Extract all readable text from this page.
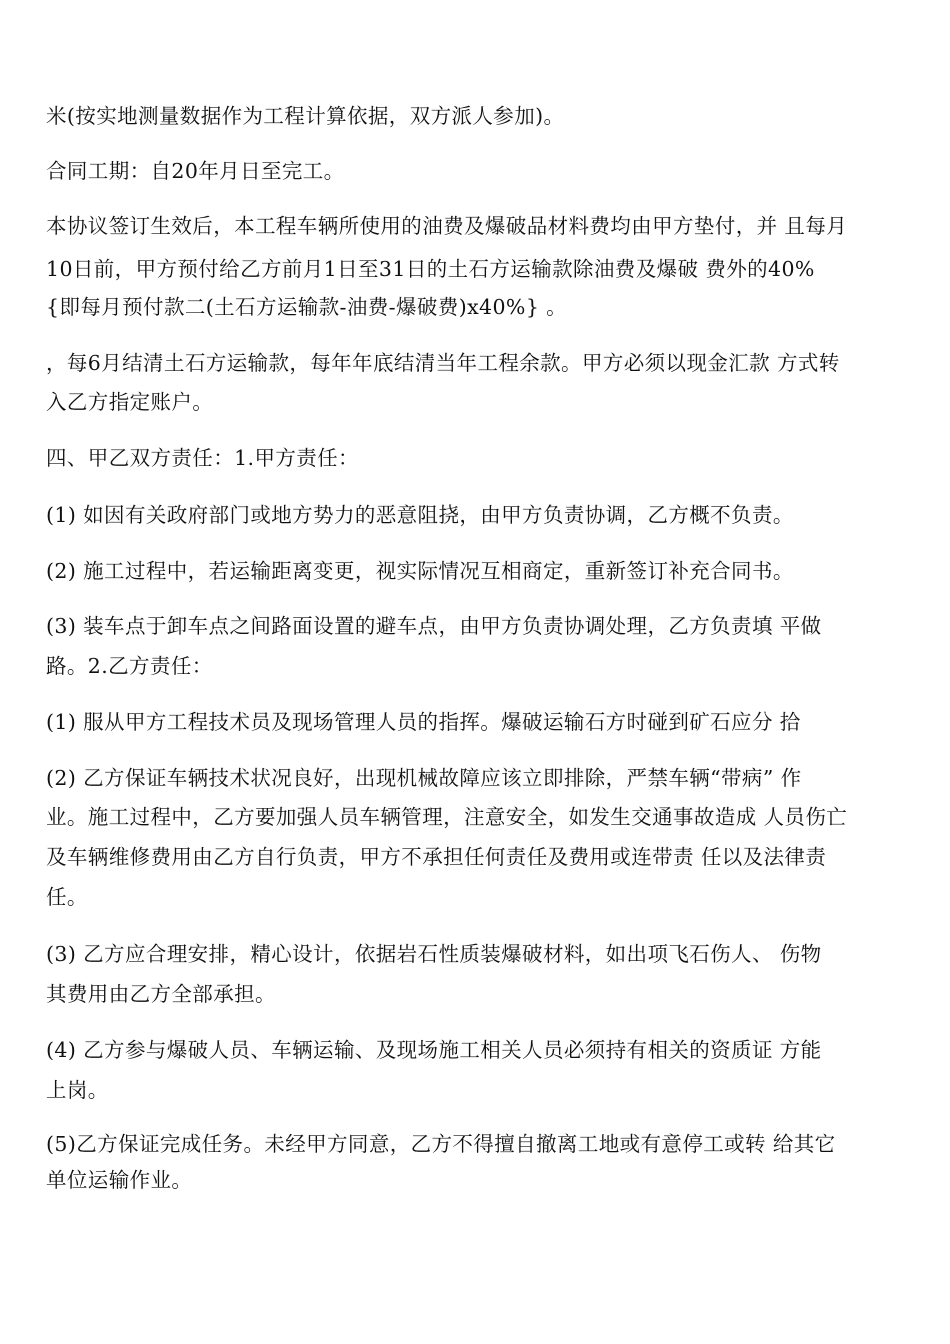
米(按实地测量数据作为工程计算依据，双方派人参加)。
合同工期：自20年月日至完工。
本协议签订生效后，本工程车辆所使用的油费及爆破品材料费均由甲方垫付，并 且每月
10日前，甲方预付给乙方前月1日至31日的土石方运输款除油费及爆破 费外的40%
{即每月预付款二(土石方运输款-油费-爆破费)x40%} 。
，每6月结清土石方运输款，每年年底结清当年工程余款。甲方必须以现金汇款 方式转
入乙方指定账户。
四、甲乙双方责任：1.甲方责任：
(1) 如因有关政府部门或地方势力的恶意阻挠，由甲方负责协调，乙方概不负责。
(2) 施工过程中，若运输距离变更，视实际情况互相商定，重新签订补充合同书。
(3) 装车点于卸车点之间路面设置的避车点，由甲方负责协调处理，乙方负责填 平做
路。2.乙方责任：
(1) 服从甲方工程技术员及现场管理人员的指挥。爆破运输石方时碰到矿石应分 拾
(2) 乙方保证车辆技术状况良好，出现机械故障应该立即排除，严禁车辆“带病” 作
业。施工过程中，乙方要加强人员车辆管理，注意安全，如发生交通事故造成 人员伤亡
及车辆维修费用由乙方自行负责，甲方不承担任何责任及费用或连带责 任以及法律责
任。
(3) 乙方应合理安排，精心设计，依据岩石性质装爆破材料，如出项飞石伤人、 伤物
其费用由乙方全部承担。
(4) 乙方参与爆破人员、车辆运输、及现场施工相关人员必须持有相关的资质证 方能
上岗。
(5)乙方保证完成任务。未经甲方同意，乙方不得擅自撤离工地或有意停工或转 给其它
单位运输作业。
